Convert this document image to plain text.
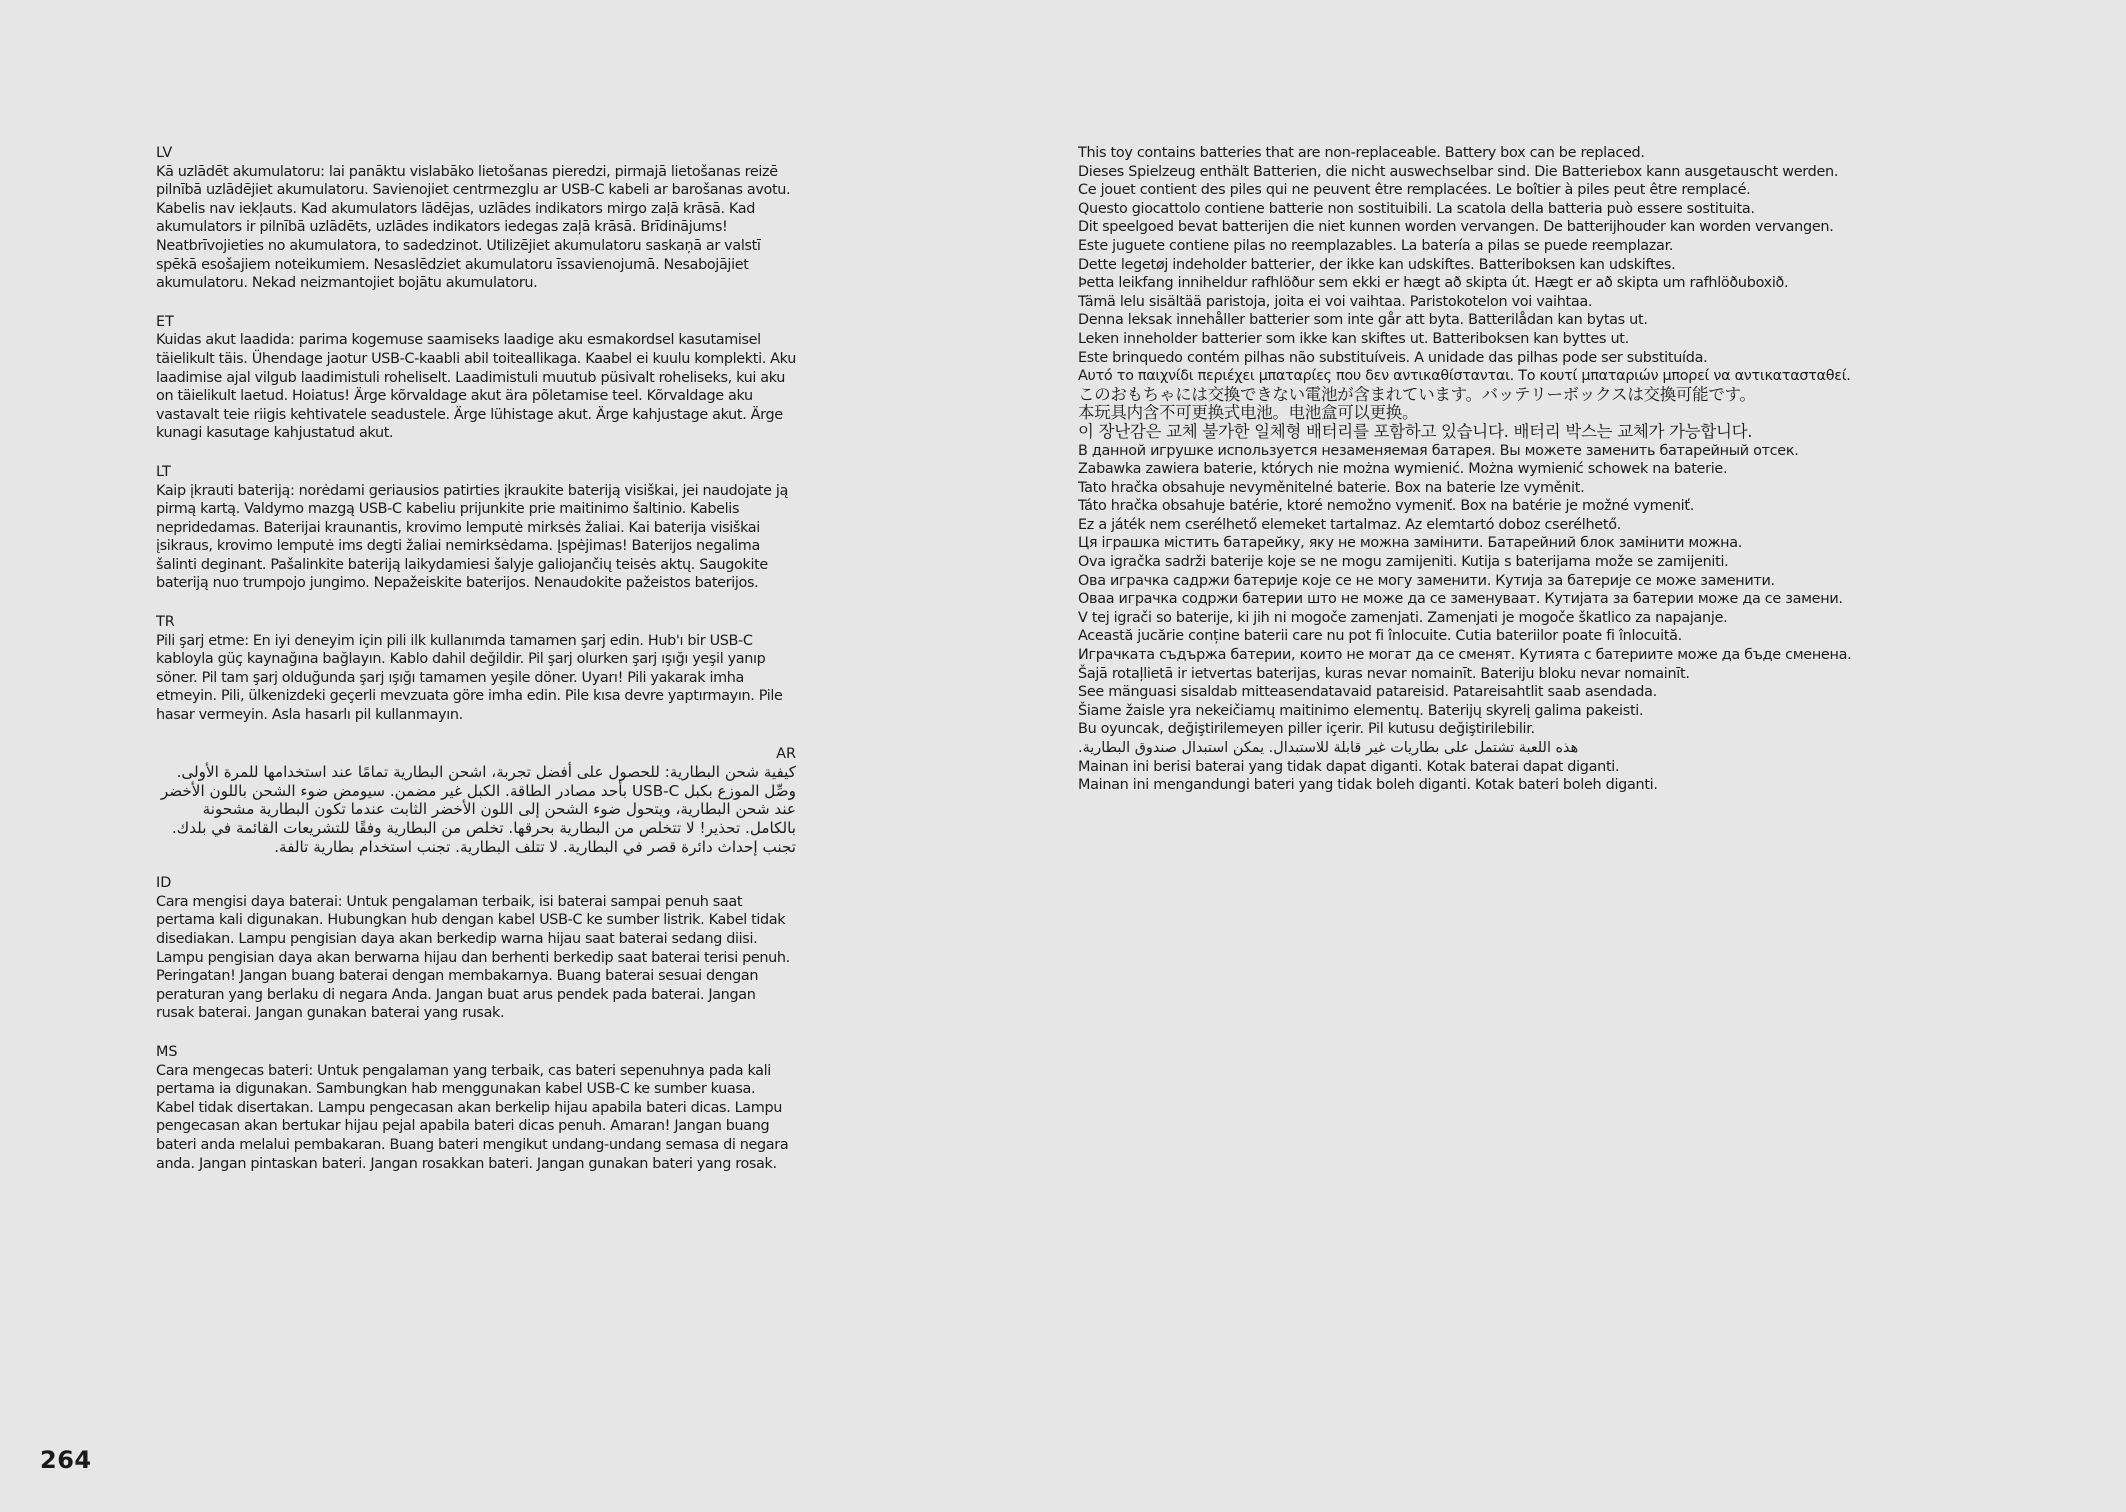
LV
Kā uzlādēt akumulatoru: lai panāktu vislabāko lietošanas pieredzi, pirmajā lietošanas reizē pilnībā uzlādējiet akumulatoru. Savienojiet centrmezglu ar USB-C kabeli ar barošanas avotu. Kabelis nav iekļauts. Kad akumulators lādējas, uzlādes indikators mirgo zaļā krāsā. Kad akumulators ir pilnībā uzlādēts, uzlādes indikators iedegas zaļā krāsā. Brīdinājums! Neatbrīvojieties no akumulatora, to sadedzinot. Utilizējiet akumulatoru saskaņā ar valstī spēkā esošajiem noteikumiem. Nesaslēdziet akumulatoru īssavienojumā. Nesabojājiet akumulatoru. Nekad neizmantojiet bojātu akumulatoru.
ET
Kuidas akut laadida: parima kogemuse saamiseks laadige aku esmakordsel kasutamisel täielikult täis. Ühendage jaotur USB-C-kaabli abil toiteallikaga. Kaabel ei kuulu komplekti. Aku laadimise ajal vilgub laadimistuli roheliselt. Laadimistuli muutub püsivalt roheliseks, kui aku on täielikult laetud. Hoiatus! Ärge kõrvaldage akut ära põletamise teel. Kõrvaldage aku vastavalt teie riigis kehtivatele seadustele. Ärge lühistage akut. Ärge kahjustage akut. Ärge kunagi kasutage kahjustatud akut.
LT
Kaip įkrauti bateriją: norėdami geriausios patirties įkraukite bateriją visiškai, jei naudojate ją pirmą kartą. Valdymo mazgą USB-C kabeliu prijunkite prie maitinimo šaltinio. Kabelis nepridedamas. Baterijai kraunantis, krovimo lemputė mirksės žaliai. Kai baterija visiškai įsikraus, krovimo lemputė ims degti žaliai nemirksėdama. Įspėjimas! Baterijos negalima šalinti deginant. Pašalinkite bateriją laikydamiesi šalyje galiojančių teisės aktų. Saugokite bateriją nuo trumpojo jungimo. Nepažeiskite baterijos. Nenaudokite pažeistos baterijos.
TR
Pili şarj etme: En iyi deneyim için pili ilk kullanımda tamamen şarj edin. Hub'ı bir USB-C kabloyla güç kaynağına bağlayın. Kablo dahil değildir. Pil şarj olurken şarj ışığı yeşil yanıp söner. Pil tam şarj olduğunda şarj ışığı tamamen yeşile döner. Uyarı! Pili yakarak imha etmeyin. Pili, ülkenizdeki geçerli mevzuata göre imha edin. Pile kısa devre yaptırmayın. Pile hasar vermeyin. Asla hasarlı pil kullanmayın.
AR
كيفية شحن البطارية: للحصول على أفضل تجربة، اشحن البطارية تمامًا عند استخدامها للمرة الأولى. وصِّل الموزع بكبل USB-C بأحد مصادر الطاقة. الكبل غير مضمن. سيومض ضوء الشحن باللون الأخضر عند شحن البطارية، ويتحول ضوء الشحن إلى اللون الأخضر الثابت عندما تكون البطارية مشحونة بالكامل. تحذير! لا تتخلص من البطارية بحرقها. تخلص من البطارية وفقًا للتشريعات القائمة في بلدك. تجنب إحداث دائرة قصر في البطارية. لا تتلف البطارية. تجنب استخدام بطارية تالفة.
ID
Cara mengisi daya baterai: Untuk pengalaman terbaik, isi baterai sampai penuh saat pertama kali digunakan. Hubungkan hub dengan kabel USB-C ke sumber listrik. Kabel tidak disediakan. Lampu pengisian daya akan berkedip warna hijau saat baterai sedang diisi. Lampu pengisian daya akan berwarna hijau dan berhenti berkedip saat baterai terisi penuh. Peringatan! Jangan buang baterai dengan membakarnya. Buang baterai sesuai dengan peraturan yang berlaku di negara Anda. Jangan buat arus pendek pada baterai. Jangan rusak baterai. Jangan gunakan baterai yang rusak.
MS
Cara mengecas bateri: Untuk pengalaman yang terbaik, cas bateri sepenuhnya pada kali pertama ia digunakan. Sambungkan hab menggunakan kabel USB-C ke sumber kuasa. Kabel tidak disertakan. Lampu pengecasan akan berkelip hijau apabila bateri dicas. Lampu pengecasan akan bertukar hijau pejal apabila bateri dicas penuh. Amaran! Jangan buang bateri anda melalui pembakaran. Buang bateri mengikut undang-undang semasa di negara anda. Jangan pintaskan bateri. Jangan rosakkan bateri. Jangan gunakan bateri yang rosak.
This toy contains batteries that are non-replaceable. Battery box can be replaced.
Dieses Spielzeug enthält Batterien, die nicht auswechselbar sind. Die Batteriebox kann ausgetauscht werden.
Ce jouet contient des piles qui ne peuvent être remplacées. Le boîtier à piles peut être remplacé.
Questo giocattolo contiene batterie non sostituibili. La scatola della batteria può essere sostituita.
Dit speelgoed bevat batterijen die niet kunnen worden vervangen. De batterijhouder kan worden vervangen.
Este juguete contiene pilas no reemplazables. La batería a pilas se puede reemplazar.
Dette legetøj indeholder batterier, der ikke kan udskiftes. Batteriboksen kan udskiftes.
Þetta leikfang inniheldur rafhlöður sem ekki er hægt að skipta út. Hægt er að skipta um rafhlöðuboxið.
Tämä lelu sisältää paristoja, joita ei voi vaihtaa. Paristokotelon voi vaihtaa.
Denna leksak innehåller batterier som inte går att byta. Batterilådan kan bytas ut.
Leken inneholder batterier som ikke kan skiftes ut. Batteriboksen kan byttes ut.
Este brinquedo contém pilhas não substituíveis. A unidade das pilhas pode ser substituída.
Αυτό το παιχνίδι περιέχει μπαταρίες που δεν αντικαθίστανται. Το κουτί μπαταριών μπορεί να αντικατασταθεί.
このおもちゃには交換できない電池が含まれています。バッテリーボックスは交換可能です。
本玩具内含不可更换式电池。电池盒可以更换。
이 장난감은 교체 불가한 일체형 배터리를 포함하고 있습니다. 배터리 박스는 교체가 가능합니다.
В данной игрушке используется незаменяемая батарея. Вы можете заменить батарейный отсек.
Zabawka zawiera baterie, których nie można wymienić. Można wymienić schowek na baterie.
Tato hračka obsahuje nevyměnitelné baterie. Box na baterie lze vyměnit.
Táto hračka obsahuje batérie, ktoré nemožno vymeniť. Box na batérie je možné vymeniť.
Ez a játék nem cserélhető elemeket tartalmaz. Az elemtartó doboz cserélhető.
Ця іграшка містить батарейку, яку не можна замінити. Батарейний блок замінити можна.
Ova igračka sadrži baterije koje se ne mogu zamijeniti. Kutija s baterijama može se zamijeniti.
Ова играчка садржи батерије које се не могу заменити. Кутија за батерије се може заменити.
Оваа играчка содржи батерии што не може да се заменуваат. Кутијата за батерии може да се замени.
V tej igrači so baterije, ki jih ni mogoče zamenjati. Zamenjati je mogoče škatlico za napajanje.
Această jucărie conține baterii care nu pot fi înlocuite. Cutia bateriilor poate fi înlocuită.
Играчката съдържа батерии, които не могат да се сменят. Кутията с батериите може да бъде сменена.
Šajā rotaļlietā ir ietvertas baterijas, kuras nevar nomainīt. Bateriju bloku nevar nomainīt.
See mänguasi sisaldab mitteasendatavaid patareisid. Patareisahtlit saab asendada.
Šiame žaisle yra nekeičiamų maitinimo elementų. Baterijų skyrelį galima pakeisti.
Bu oyuncak, değiştirilemeyen piller içerir. Pil kutusu değiştirilebilir.
هذه اللعبة تشتمل على بطاريات غير قابلة للاستبدال. يمكن استبدال صندوق البطارية.
Mainan ini berisi baterai yang tidak dapat diganti. Kotak baterai dapat diganti.
Mainan ini mengandungi bateri yang tidak boleh diganti. Kotak bateri boleh diganti.
264
